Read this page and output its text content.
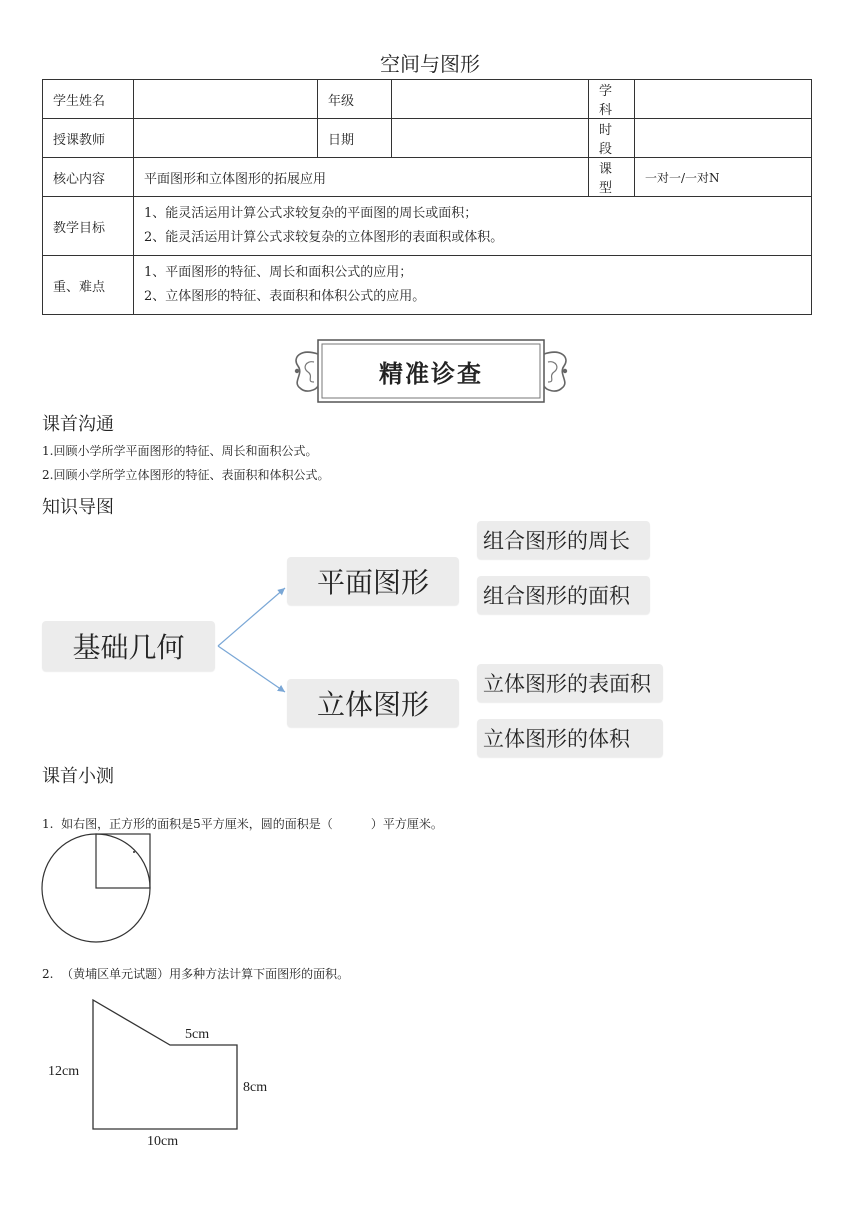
空间与图形
学生姓名		年级		学科	
授课教师		日期		时段	
核心内容	平面图形和立体图形的拓展应用			课型	一对一/一对N
教学目标	1、能灵活运用计算公式求较复杂的平面图的周长或面积；
2、能灵活运用计算公式求较复杂的立体图形的表面积或体积。				

重、难点	1、平面图形的特征、周长和面积公式的应用；
2、立体图形的特征、表面积和体积公式的应用。				
精准诊查
课首沟通
1.回顾小学所学平面图形的特征、周长和面积公式。
2.回顾小学所学立体图形的特征、表面积和体积公式。
知识导图
基础几何
平面图形
立体图形
组合图形的周长
组合图形的面积
立体图形的表面积
立体图形的体积
课首小测
1.  如右图，正方形的面积是5平方厘米，圆的面积是（          ）平方厘米。
2.  （黄埔区单元试题）用多种方法计算下面图形的面积。
5cm
12cm
8cm
10cm
